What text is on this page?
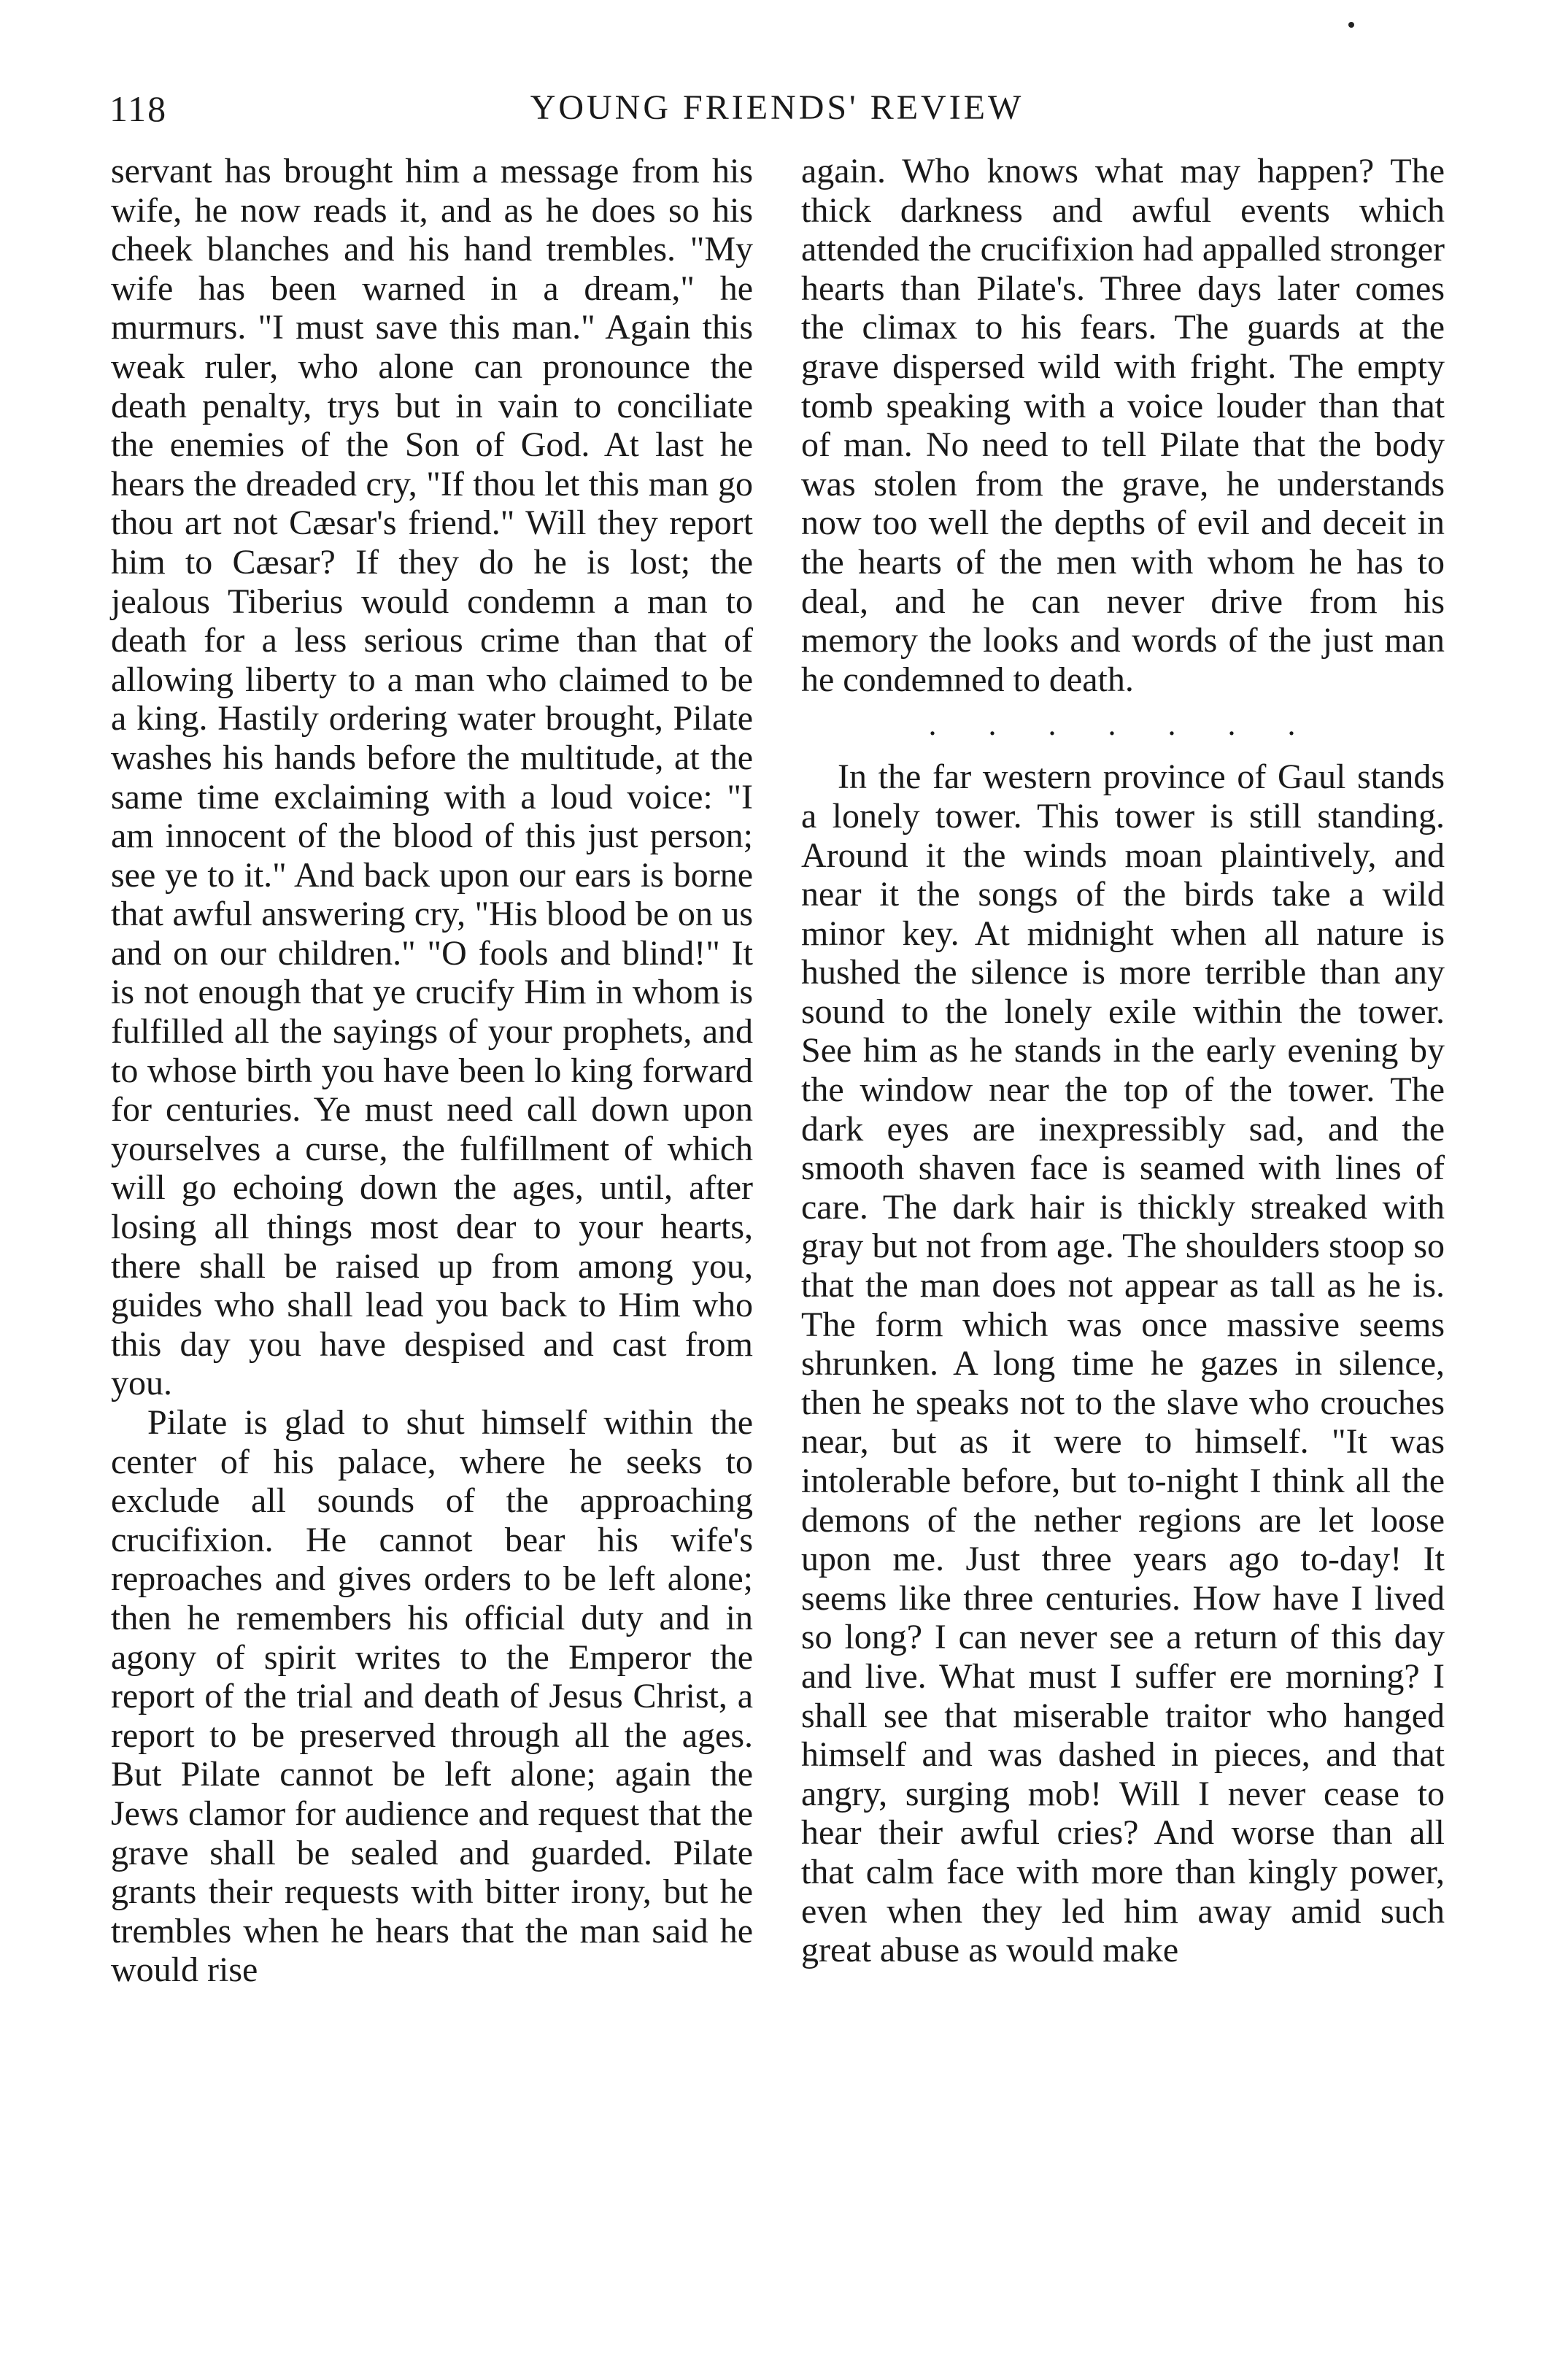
118	YOUNG FRIENDS' REVIEW

servant has brought him a message from his wife, he now reads it, and as he does so his cheek blanches and his hand trembles. "My wife has been warned in a dream," he murmurs. "I must save this man." Again this weak ruler, who alone can pronounce the death penalty, trys but in vain to conciliate the enemies of the Son of God. At last he hears the dreaded cry, "If thou let this man go thou art not Cæsar's friend." Will they report him to Cæsar? If they do he is lost; the jealous Tiberius would condemn a man to death for a less serious crime than that of allowing liberty to a man who claimed to be a king. Hastily ordering water brought, Pilate washes his hands before the multitude, at the same time exclaiming with a loud voice: "I am innocent of the blood of this just person; see ye to it." And back upon our ears is borne that awful answering cry, "His blood be on us and on our children." "O fools and blind!" It is not enough that ye crucify Him in whom is fulfilled all the sayings of your prophets, and to whose birth you have been lo king forward for centuries. Ye must need call down upon yourselves a curse, the fulfillment of which will go echoing down the ages, until, after losing all things most dear to your hearts, there shall be raised up from among you, guides who shall lead you back to Him who this day you have despised and cast from you.

Pilate is glad to shut himself within the center of his palace, where he seeks to exclude all sounds of the approaching crucifixion. He cannot bear his wife's reproaches and gives orders to be left alone; then he remembers his official duty and in agony of spirit writes to the Emperor the report of the trial and death of Jesus Christ, a report to be preserved through all the ages. But Pilate cannot be left alone; again the Jews clamor for audience and request that the grave shall be sealed and guarded. Pilate grants their requests with bitter irony, but he trembles when he hears that the man said he would rise

again. Who knows what may happen? The thick darkness and awful events which attended the crucifixion had appalled stronger hearts than Pilate's. Three days later comes the climax to his fears. The guards at the grave dispersed wild with fright. The empty tomb speaking with a voice louder than that of man. No need to tell Pilate that the body was stolen from the grave, he understands now too well the depths of evil and deceit in the hearts of the men with whom he has to deal, and he can never drive from his memory the looks and words of the just man he condemned to death.

. . . . . . .

In the far western province of Gaul stands a lonely tower. This tower is still standing. Around it the winds moan plaintively, and near it the songs of the birds take a wild minor key. At midnight when all nature is hushed the silence is more terrible than any sound to the lonely exile within the tower. See him as he stands in the early evening by the window near the top of the tower. The dark eyes are inexpressibly sad, and the smooth shaven face is seamed with lines of care. The dark hair is thickly streaked with gray but not from age. The shoulders stoop so that the man does not appear as tall as he is. The form which was once massive seems shrunken. A long time he gazes in silence, then he speaks not to the slave who crouches near, but as it were to himself. "It was intolerable before, but to-night I think all the demons of the nether regions are let loose upon me. Just three years ago to-day! It seems like three centuries. How have I lived so long? I can never see a return of this day and live. What must I suffer ere morning? I shall see that miserable traitor who hanged himself and was dashed in pieces, and that angry, surging mob! Will I never cease to hear their awful cries? And worse than all that calm face with more than kingly power, even when they led him away amid such great abuse as would make
